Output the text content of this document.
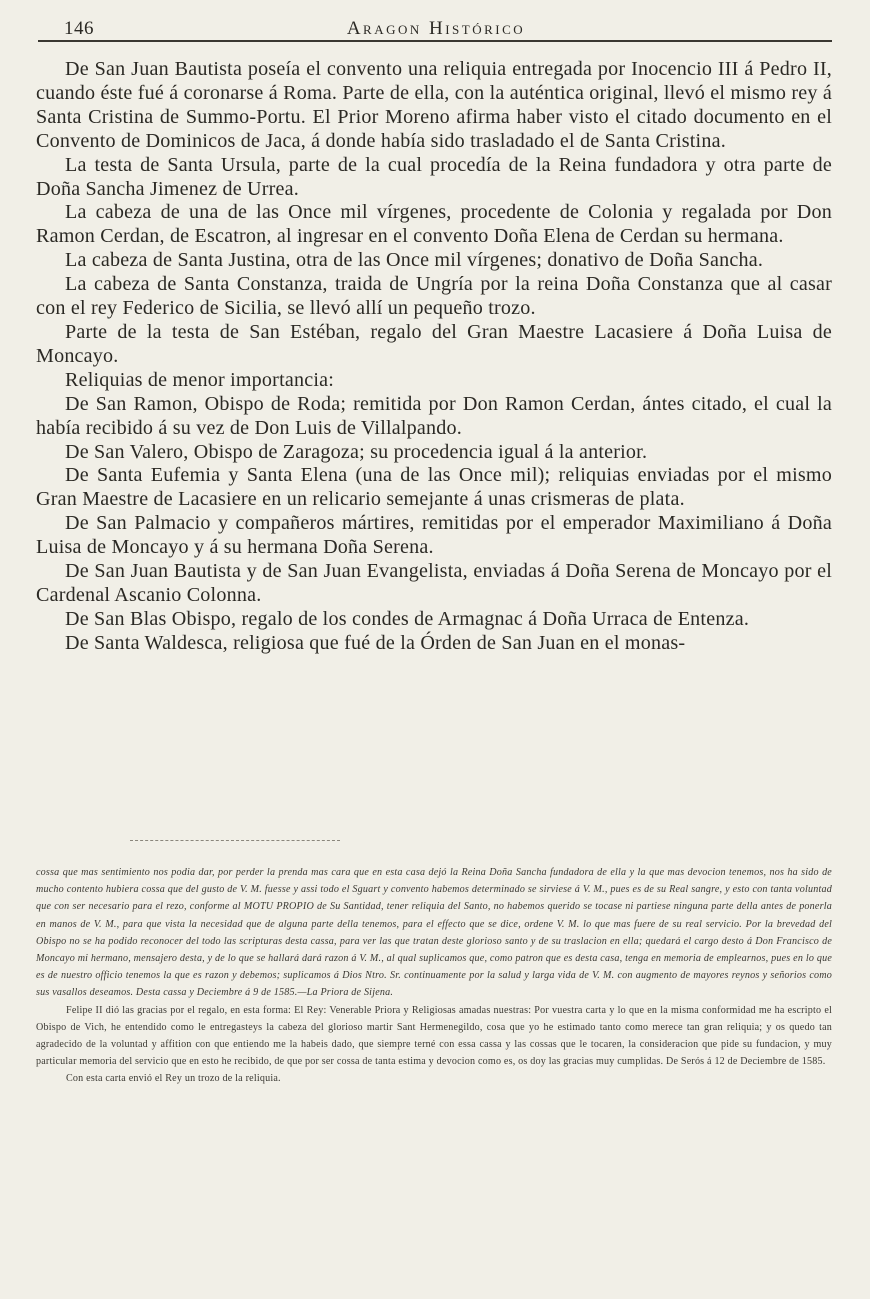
146	Aragon Histórico

De San Juan Bautista poseía el convento una reliquia entregada por Inocencio III á Pedro II, cuando éste fué á coronarse á Roma. Parte de ella, con la auténtica original, llevó el mismo rey á Santa Cristina de Summo-Portu. El Prior Moreno afirma haber visto el citado documento en el Convento de Dominicos de Jaca, á donde había sido trasladado el de Santa Cristina.

La testa de Santa Ursula, parte de la cual procedía de la Reina fundadora y otra parte de Doña Sancha Jimenez de Urrea.

La cabeza de una de las Once mil vírgenes, procedente de Colonia y regalada por Don Ramon Cerdan, de Escatron, al ingresar en el convento Doña Elena de Cerdan su hermana.

La cabeza de Santa Justina, otra de las Once mil vírgenes; donativo de Doña Sancha.

La cabeza de Santa Constanza, traida de Ungría por la reina Doña Constanza que al casar con el rey Federico de Sicilia, se llevó allí un pequeño trozo.

Parte de la testa de San Estéban, regalo del Gran Maestre Lacasiere á Doña Luisa de Moncayo.

Reliquias de menor importancia:

De San Ramon, Obispo de Roda; remitida por Don Ramon Cerdan, ántes citado, el cual la había recibido á su vez de Don Luis de Villalpando.

De San Valero, Obispo de Zaragoza; su procedencia igual á la anterior.

De Santa Eufemia y Santa Elena (una de las Once mil); reliquias enviadas por el mismo Gran Maestre de Lacasiere en un relicario semejante á unas crismeras de plata.

De San Palmacio y compañeros mártires, remitidas por el emperador Maximiliano á Doña Luisa de Moncayo y á su hermana Doña Serena.

De San Juan Bautista y de San Juan Evangelista, enviadas á Doña Serena de Moncayo por el Cardenal Ascanio Colonna.

De San Blas Obispo, regalo de los condes de Armagnac á Doña Urraca de Entenza.

De Santa Waldesca, religiosa que fué de la Órden de San Juan en el monas-

cossa que mas sentimiento nos podia dar, por perder la prenda mas cara que en esta casa dejó la Reina Doña Sancha fundadora de ella y la que mas devocion tenemos, nos ha sido de mucho contento hubiera cossa que del gusto de V. M. fuesse y assi todo el Sguart y convento habemos determinado se sirviese á V. M., pues es de su Real sangre, y esto con tanta voluntad que con ser necesario para el rezo, conforme al MOTU PROPIO de Su Santidad, tener reliquia del Santo, no habemos querido se tocase ni partiese ninguna parte della antes de ponerla en manos de V. M., para que vista la necesidad que de alguna parte della tenemos, para el effecto que se dice, ordene V. M. lo que mas fuere de su real servicio. Por la brevedad del Obispo no se ha podido reconocer del todo las scripturas desta cassa, para ver las que tratan deste glorioso santo y de su traslacion en ella; quedará el cargo desto á Don Francisco de Moncayo mi hermano, mensajero desta, y de lo que se hallará dará razon á V. M., al qual suplicamos que, como patron que es desta casa, tenga en memoria de emplearnos, pues en lo que es de nuestro officio tenemos la que es razon y debemos; suplicamos á Dios Ntro. Sr. continuamente por la salud y larga vida de V. M. con augmento de mayores reynos y señorios como sus vasallos deseamos. Desta cassa y Deciembre á 9 de 1585.—La Priora de Sijena.

Felipe II dió las gracias por el regalo, en esta forma: El Rey: Venerable Priora y Religiosas amadas nuestras: Por vuestra carta y lo que en la misma conformidad me ha escripto el Obispo de Vich, he entendido como le entregasteys la cabeza del glorioso martir Sant Hermenegildo, cosa que yo he estimado tanto como merece tan gran reliquia; y os quedo tan agradecido de la voluntad y affition con que entiendo me la habeis dado, que siempre terné con essa cassa y las cossas que le tocaren, la consideracion que pide su fundacion, y muy particular memoria del servicio que en esto he recibido, de que por ser cossa de tanta estima y devocion como es, os doy las gracias muy cumplidas. De Serós á 12 de Deciembre de 1585.

Con esta carta envió el Rey un trozo de la reliquia.
